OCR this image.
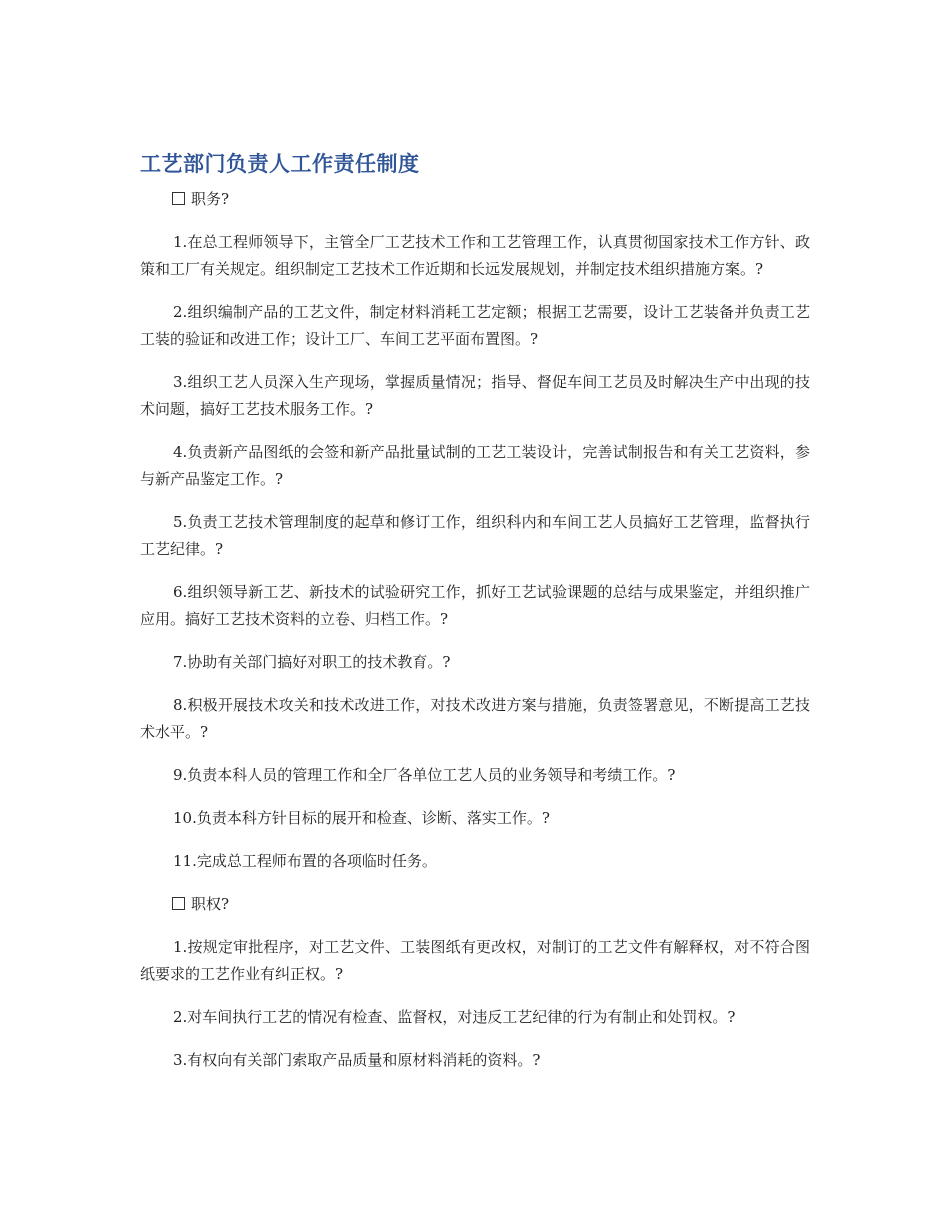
工艺部门负责人工作责任制度
职务?

1.在总工程师领导下，主管全厂工艺技术工作和工艺管理工作，认真贯彻国家技术工作方针、政策和工厂有关规定。组织制定工艺技术工作近期和长远发展规划，并制定技术组织措施方案。?

2.组织编制产品的工艺文件，制定材料消耗工艺定额；根据工艺需要，设计工艺装备并负责工艺工装的验证和改进工作；设计工厂、车间工艺平面布置图。?

3.组织工艺人员深入生产现场，掌握质量情况；指导、督促车间工艺员及时解决生产中出现的技术问题，搞好工艺技术服务工作。?

4.负责新产品图纸的会签和新产品批量试制的工艺工装设计，完善试制报告和有关工艺资料，参与新产品鉴定工作。?

5.负责工艺技术管理制度的起草和修订工作，组织科内和车间工艺人员搞好工艺管理，监督执行工艺纪律。?

6.组织领导新工艺、新技术的试验研究工作，抓好工艺试验课题的总结与成果鉴定，并组织推广应用。搞好工艺技术资料的立卷、归档工作。?

7.协助有关部门搞好对职工的技术教育。?

8.积极开展技术攻关和技术改进工作，对技术改进方案与措施，负责签署意见，不断提高工艺技术水平。?

9.负责本科人员的管理工作和全厂各单位工艺人员的业务领导和考绩工作。?

10.负责本科方针目标的展开和检查、诊断、落实工作。?

11.完成总工程师布置的各项临时任务。

职权?

1.按规定审批程序，对工艺文件、工装图纸有更改权，对制订的工艺文件有解释权，对不符合图纸要求的工艺作业有纠正权。?

2.对车间执行工艺的情况有检查、监督权，对违反工艺纪律的行为有制止和处罚权。?

3.有权向有关部门索取产品质量和原材料消耗的资料。?
